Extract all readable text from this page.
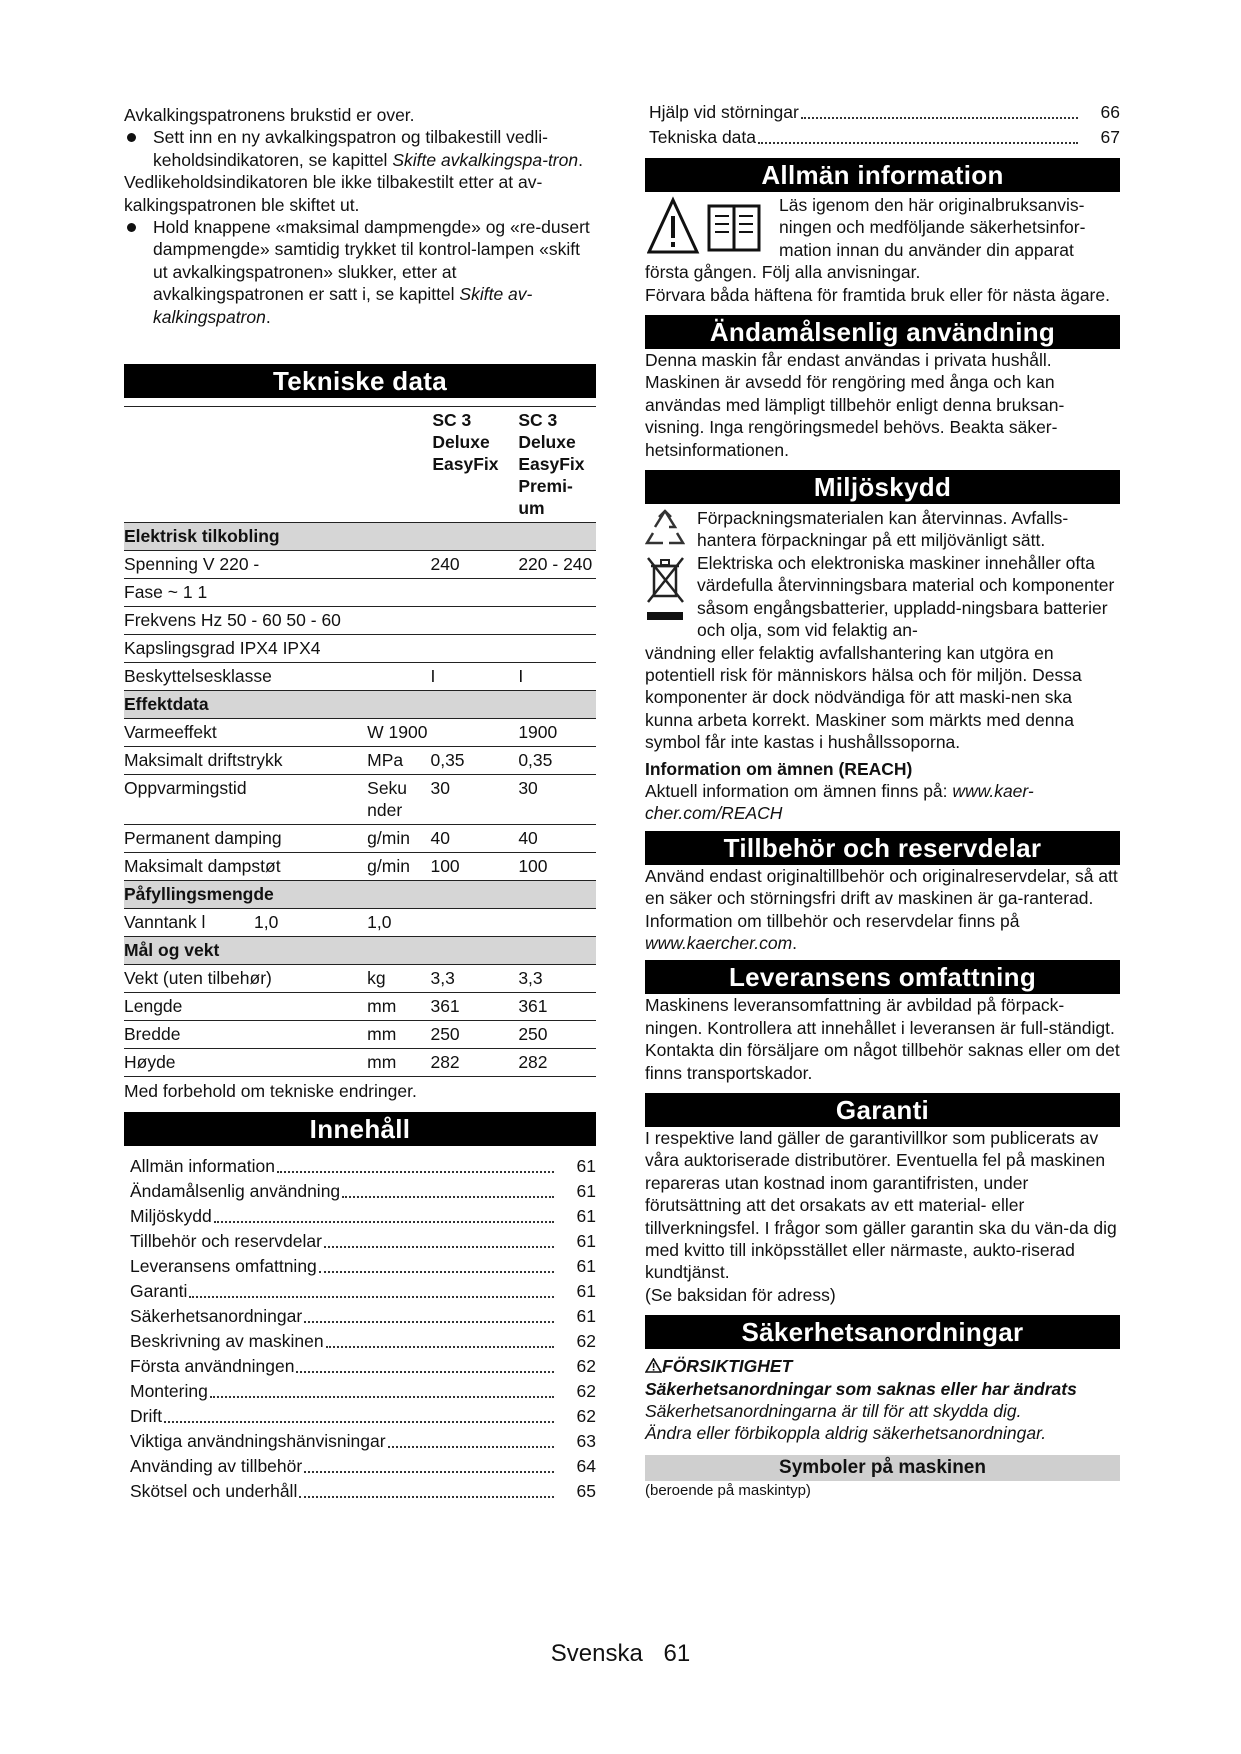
Avkalkingspatronens brukstid er over.

Sett inn en ny avkalkingspatron og tilbakestill vedli-keholdsindikatoren, se kapittel Skifte avkalkingspa-tron.

Vedlikeholdsindikatoren ble ikke tilbakestilt etter at av-kalkingspatronen ble skiftet ut.

Hold knappene «maksimal dampmengde» og «re-dusert dampmengde» samtidig trykket til kontrol-lampen «skift ut avkalkingspatronen» slukker, etter at avkalkingspatronen er satt i, se kapittel Skifte av-kalkingspatron.

Tekniske data
	SC 3 Deluxe EasyFix		SC 3 Deluxe EasyFix Premi-um

Elektrisk tilkobling			
Spenning V 220 -		240	220 - 240
Fase ~ 1 1			
Frekvens Hz 50 - 60 50 - 60			
Kapslingsgrad IPX4 IPX4			
Beskyttelsesklasse		I	I
Effektdata			
Varmeeffekt	W 1900		1900
Maksimalt driftstrykk	MPa	0,35	0,35
Oppvarmingstid	Seku nder	30	30
Permanent damping	g/min	40	40
Maksimalt dampstøt	g/min	100	100
Påfyllingsmengde			
Vanntank l          1,0	1,0		
Mål og vekt			
Vekt (uten tilbehør)	kg	3,3	3,3
Lengde	mm	361	361
Bredde	mm	250	250
Høyde	mm	282	282

Med forbehold om tekniske endringer.

Innehåll
Allmän information	61
Ändamålsenlig användning	61
Miljöskydd	61
Tillbehör och reservdelar	61
Leveransens omfattning	61
Garanti	61
Säkerhetsanordningar	61
Beskrivning av maskinen	62
Första användningen	62
Montering	62
Drift	62
Viktiga användningshänvisningar	63
Använding av tillbehör	64
Skötsel och underhåll	65
Hjälp vid störningar	66
Tekniska data	67
Allmän information

Läs igenom den här originalbruksanvis-ningen och medföljande säkerhetsinfor-mation innan du använder din apparat

första gången. Följ alla anvisningar.

Förvara båda häftena för framtida bruk eller för nästa ägare.

Ändamålsenlig användning

Denna maskin får endast användas i privata hushåll. Maskinen är avsedd för rengöring med ånga och kan användas med lämpligt tillbehör enligt denna bruksan-visning. Inga rengöringsmedel behövs. Beakta säker-hetsinformationen.

Miljöskydd

Förpackningsmaterialen kan återvinnas. Avfalls-hantera förpackningar på ett miljövänligt sätt.

Elektriska och elektroniska maskiner innehåller ofta värdefulla återvinningsbara material och komponenter såsom engångsbatterier, uppladd-ningsbara batterier och olja, som vid felaktig an-

vändning eller felaktig avfallshantering kan utgöra en potentiell risk för människors hälsa och för miljön. Dessa komponenter är dock nödvändiga för att maski-nen ska kunna arbeta korrekt. Maskiner som märkts med denna symbol får inte kastas i hushållssoporna.

Information om ämnen (REACH)

Aktuell information om ämnen finns på: www.kaer-cher.com/REACH

Tillbehör och reservdelar

Använd endast originaltillbehör och originalreservdelar, så att en säker och störningsfri drift av maskinen är ga-ranterad.

Information om tillbehör och reservdelar finns på

www.kaercher.com.

Leveransens omfattning

Maskinens leveransomfattning är avbildad på förpack-ningen. Kontrollera att innehållet i leveransen är full-ständigt. Kontakta din försäljare om något tillbehör saknas eller om det finns transportskador.

Garanti

I respektive land gäller de garantivillkor som publicerats av våra auktoriserade distributörer. Eventuella fel på maskinen repareras utan kostnad inom garantifristen, under förutsättning att det orsakats av ett material- eller tillverkningsfel. I frågor som gäller garantin ska du vän-da dig med kvitto till inköpsstället eller närmaste, aukto-riserad kundtjänst.

(Se baksidan för adress)

Säkerhetsanordningar

FÖRSIKTIGHET

Säkerhetsanordningar som saknas eller har ändrats

Säkerhetsanordningarna är till för att skydda dig.

Ändra eller förbikoppla aldrig säkerhetsanordningar.

Symboler på maskinen

(beroende på maskintyp)

Svenska 61
